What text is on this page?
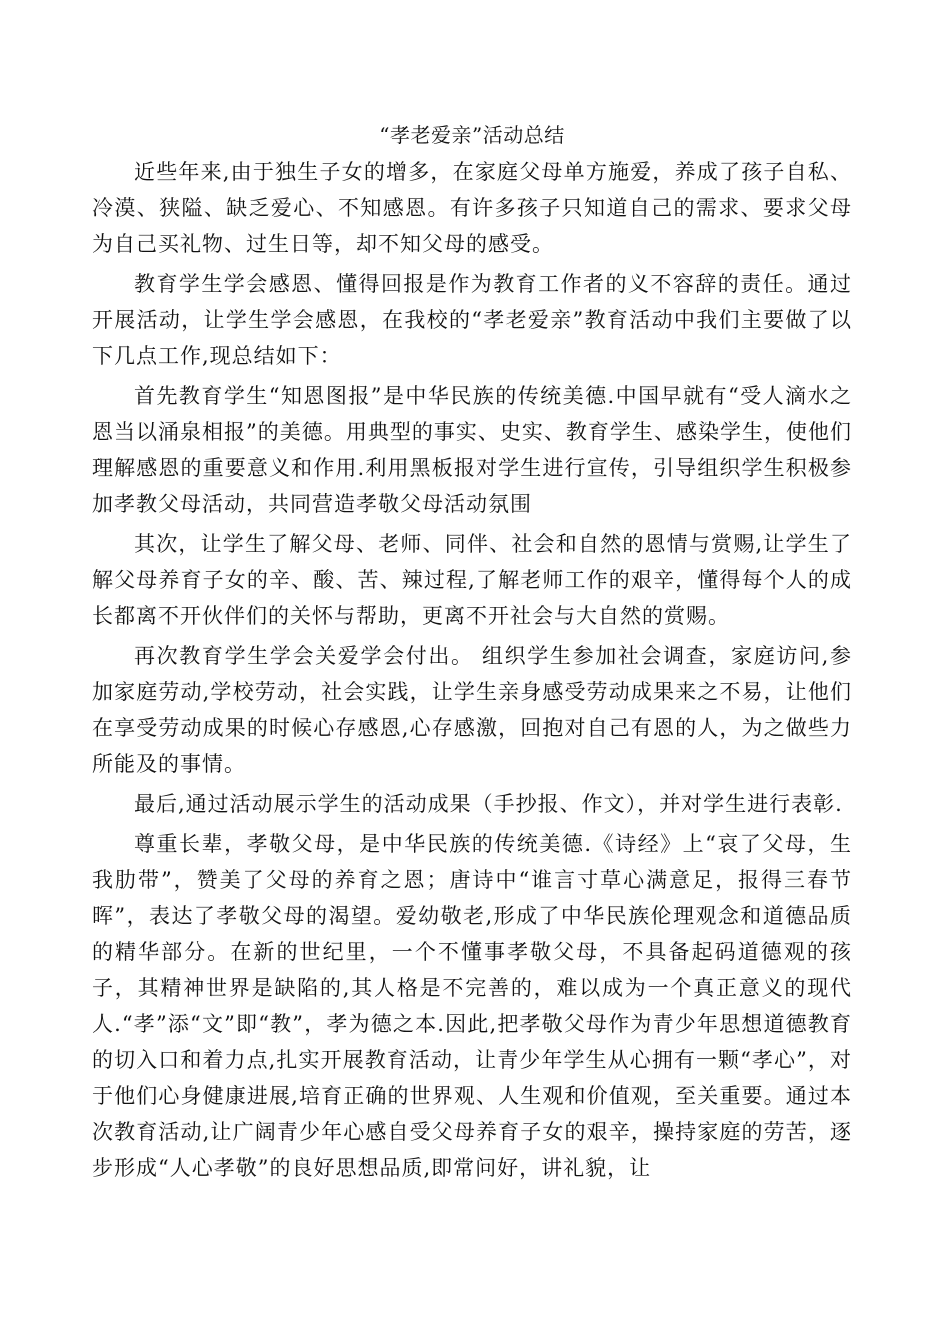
“孝老爱亲”活动总结

近些年来,由于独生子女的增多，在家庭父母单方施爱，养成了孩子自私、冷漠、狭隘、缺乏爱心、不知感恩。有许多孩子只知道自己的需求、要求父母为自己买礼物、过生日等，却不知父母的感受。

教育学生学会感恩、懂得回报是作为教育工作者的义不容辞的责任。通过开展活动，让学生学会感恩，在我校的“孝老爱亲”教育活动中我们主要做了以下几点工作,现总结如下：

首先教育学生“知恩图报”是中华民族的传统美德.中国早就有“受人滴水之恩当以涌泉相报”的美德。用典型的事实、史实、教育学生、感染学生，使他们理解感恩的重要意义和作用.利用黑板报对学生进行宣传，引导组织学生积极参加孝教父母活动，共同营造孝敬父母活动氛围

其次，让学生了解父母、老师、同伴、社会和自然的恩情与赏赐,让学生了解父母养育子女的辛、酸、苦、辣过程,了解老师工作的艰辛，懂得每个人的成长都离不开伙伴们的关怀与帮助，更离不开社会与大自然的赏赐。

再次教育学生学会关爱学会付出。 组织学生参加社会调查，家庭访问,参加家庭劳动,学校劳动，社会实践，让学生亲身感受劳动成果来之不易，让他们在享受劳动成果的时候心存感恩,心存感激，回抱对自己有恩的人，为之做些力所能及的事情。

最后,通过活动展示学生的活动成果（手抄报、作文），并对学生进行表彰.

尊重长辈，孝敬父母，是中华民族的传统美德.《诗经》上“哀了父母，生我肋带”，赞美了父母的养育之恩；唐诗中“谁言寸草心满意足，报得三春节晖”，表达了孝敬父母的渴望。爱幼敬老,形成了中华民族伦理观念和道德品质的精华部分。在新的世纪里，一个不懂事孝敬父母，不具备起码道德观的孩子，其精神世界是缺陷的,其人格是不完善的，难以成为一个真正意义的现代人.“孝”添“文”即“教”，孝为德之本.因此,把孝敬父母作为青少年思想道德教育的切入口和着力点,扎实开展教育活动，让青少年学生从心拥有一颗“孝心”，对于他们心身健康进展,培育正确的世界观、人生观和价值观，至关重要。通过本次教育活动,让广阔青少年心感自受父母养育子女的艰辛，操持家庭的劳苦，逐步形成“人心孝敬”的良好思想品质,即常问好，讲礼貌，让
